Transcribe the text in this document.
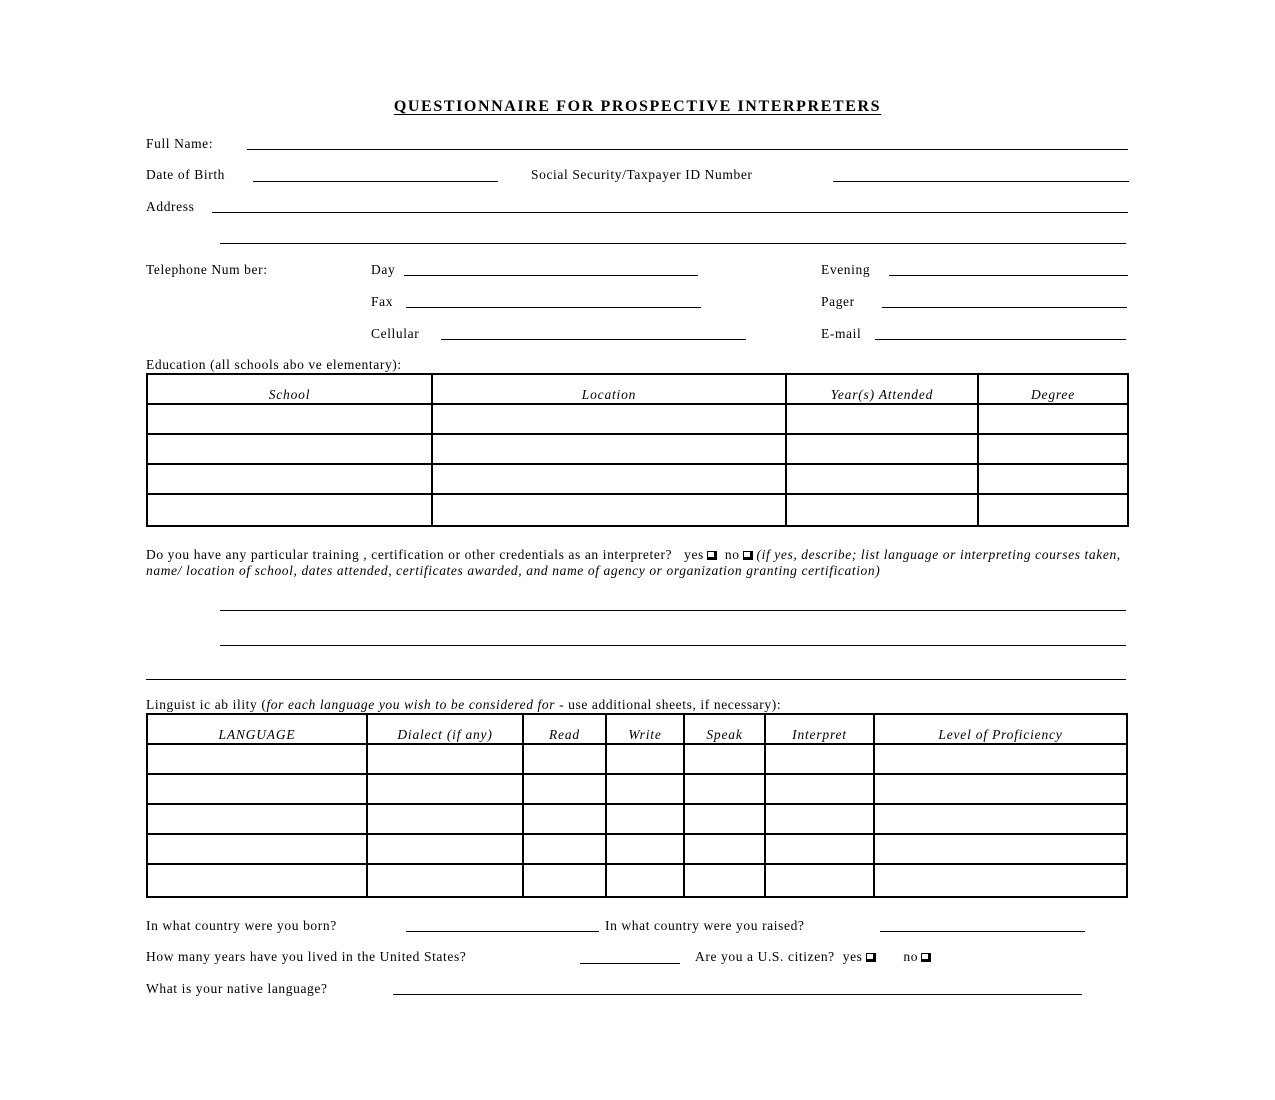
QUESTIONNAIRE FOR PROSPECTIVE INTERPRETERS
Full Name:
Date of Birth	Social Security/Taxpayer ID Number
Address
Telephone Num ber:	Day	Evening
Fax	Pager
Cellular	E-mail
Education (all schools abo ve elementary):
School	Location	Year(s) Attended	Degree

Do you have any particular training , certification or other credentials as an interpreter? yes no (if yes, describe; list language or interpreting courses taken, name/ location of school, dates attended, certificates awarded, and name of agency or organization granting certification)
Linguist ic ab ility (for each language you wish to be considered for - use additional sheets, if necessary):
LANGUAGE	Dialect (if any)	Read	Write	Speak	Interpret	Level of Proficiency

In what country were you born?	In what country were you raised?
How many years have you lived in the United States?	Are you a U.S. citizen? yes	no
What is your native language?
